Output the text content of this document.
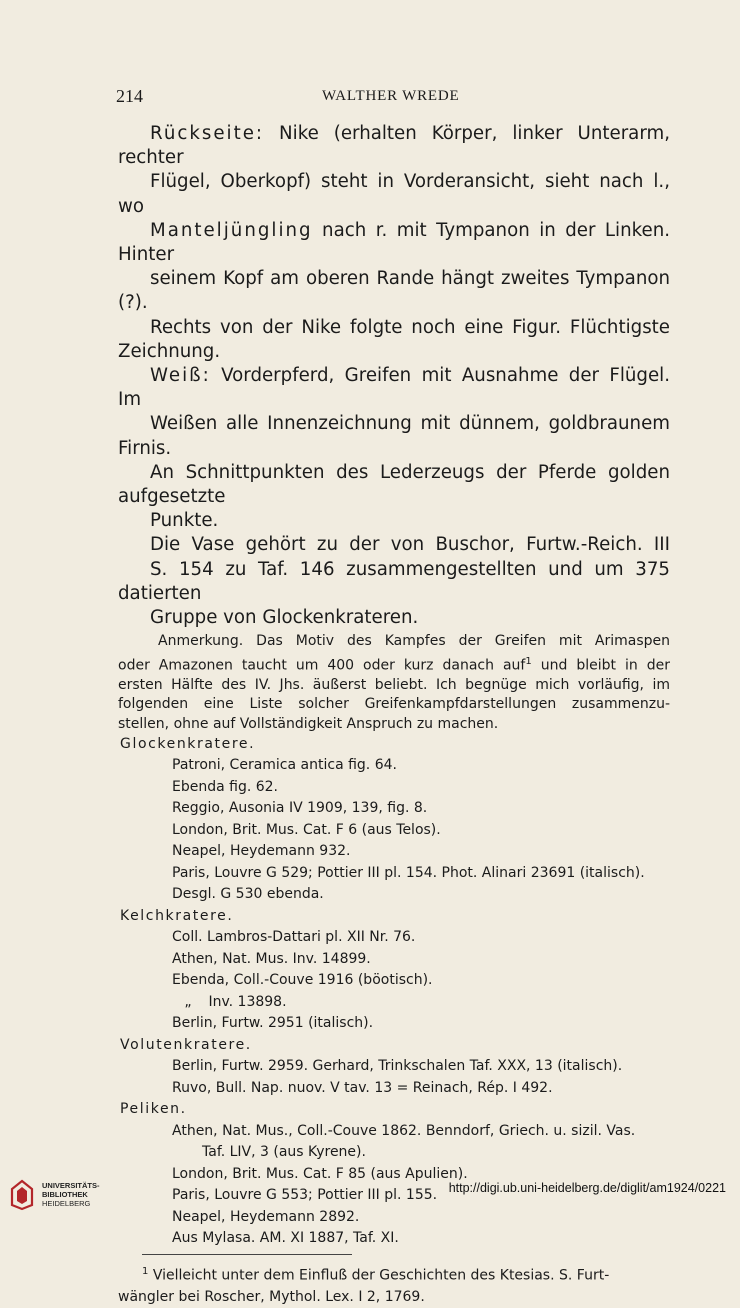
214	WALTHER WREDE

Rückseite: Nike (erhalten Körper, linker Unterarm, rechter
Flügel, Oberkopf) steht in Vorderansicht, sieht nach l., wo
Manteljüngling nach r. mit Tympanon in der Linken. Hinter
seinem Kopf am oberen Rande hängt zweites Tympanon (?).
Rechts von der Nike folgte noch eine Figur. Flüchtigste Zeichnung.

Weiß: Vorderpferd, Greifen mit Ausnahme der Flügel. Im
Weißen alle Innenzeichnung mit dünnem, goldbraunem Firnis.
An Schnittpunkten des Lederzeugs der Pferde golden aufgesetzte
Punkte.

Die Vase gehört zu der von Buschor, Furtw.-Reich. III
S. 154 zu Taf. 146 zusammengestellten und um 375 datierten
Gruppe von Glockenkrateren.

Anmerkung. Das Motiv des Kampfes der Greifen mit Arimaspen
oder Amazonen taucht um 400 oder kurz danach auf$^1$ und bleibt in der
ersten Hälfte des IV. Jhs. äußerst beliebt. Ich begnüge mich vorläufig, im
folgenden eine Liste solcher Greifenkampfdarstellungen zusammenzu-
stellen, ohne auf Vollständigkeit Anspruch zu machen.
Glockenkratere.
Patroni, Ceramica antica fig. 64.
Ebenda fig. 62.
Reggio, Ausonia IV 1909, 139, fig. 8.
London, Brit. Mus. Cat. F 6 (aus Telos).
Neapel, Heydemann 932.
Paris, Louvre G 529; Pottier III pl. 154. Phot. Alinari 23691 (italisch).
Desgl. G 530 ebenda.
Kelchkratere.
Coll. Lambros-Dattari pl. XII Nr. 76.
Athen, Nat. Mus. Inv. 14899.
Ebenda, Coll.-Couve 1916 (böotisch).
„ Inv. 13898.
Berlin, Furtw. 2951 (italisch).
Volutenkratere.
Berlin, Furtw. 2959. Gerhard, Trinkschalen Taf. XXX, 13 (italisch).
Ruvo, Bull. Nap. nuov. V tav. 13 = Reinach, Rép. I 492.
Peliken.
Athen, Nat. Mus., Coll.-Couve 1862. Benndorf, Griech. u. sizil. Vas.
Taf. LIV, 3 (aus Kyrene).
London, Brit. Mus. Cat. F 85 (aus Apulien).
Paris, Louvre G 553; Pottier III pl. 155.
Neapel, Heydemann 2892.
Aus Mylasa. AM. XI 1887, Taf. XI.
$^1$ Vielleicht unter dem Einfluß der Geschichten des Ktesias. S. Furt-
wängler bei Roscher, Mythol. Lex. I 2, 1769.
UNIVERSITÄTS-
BIBLIOTHEK
HEIDELBERG
http://digi.ub.uni-heidelberg.de/diglit/am1924/0221
